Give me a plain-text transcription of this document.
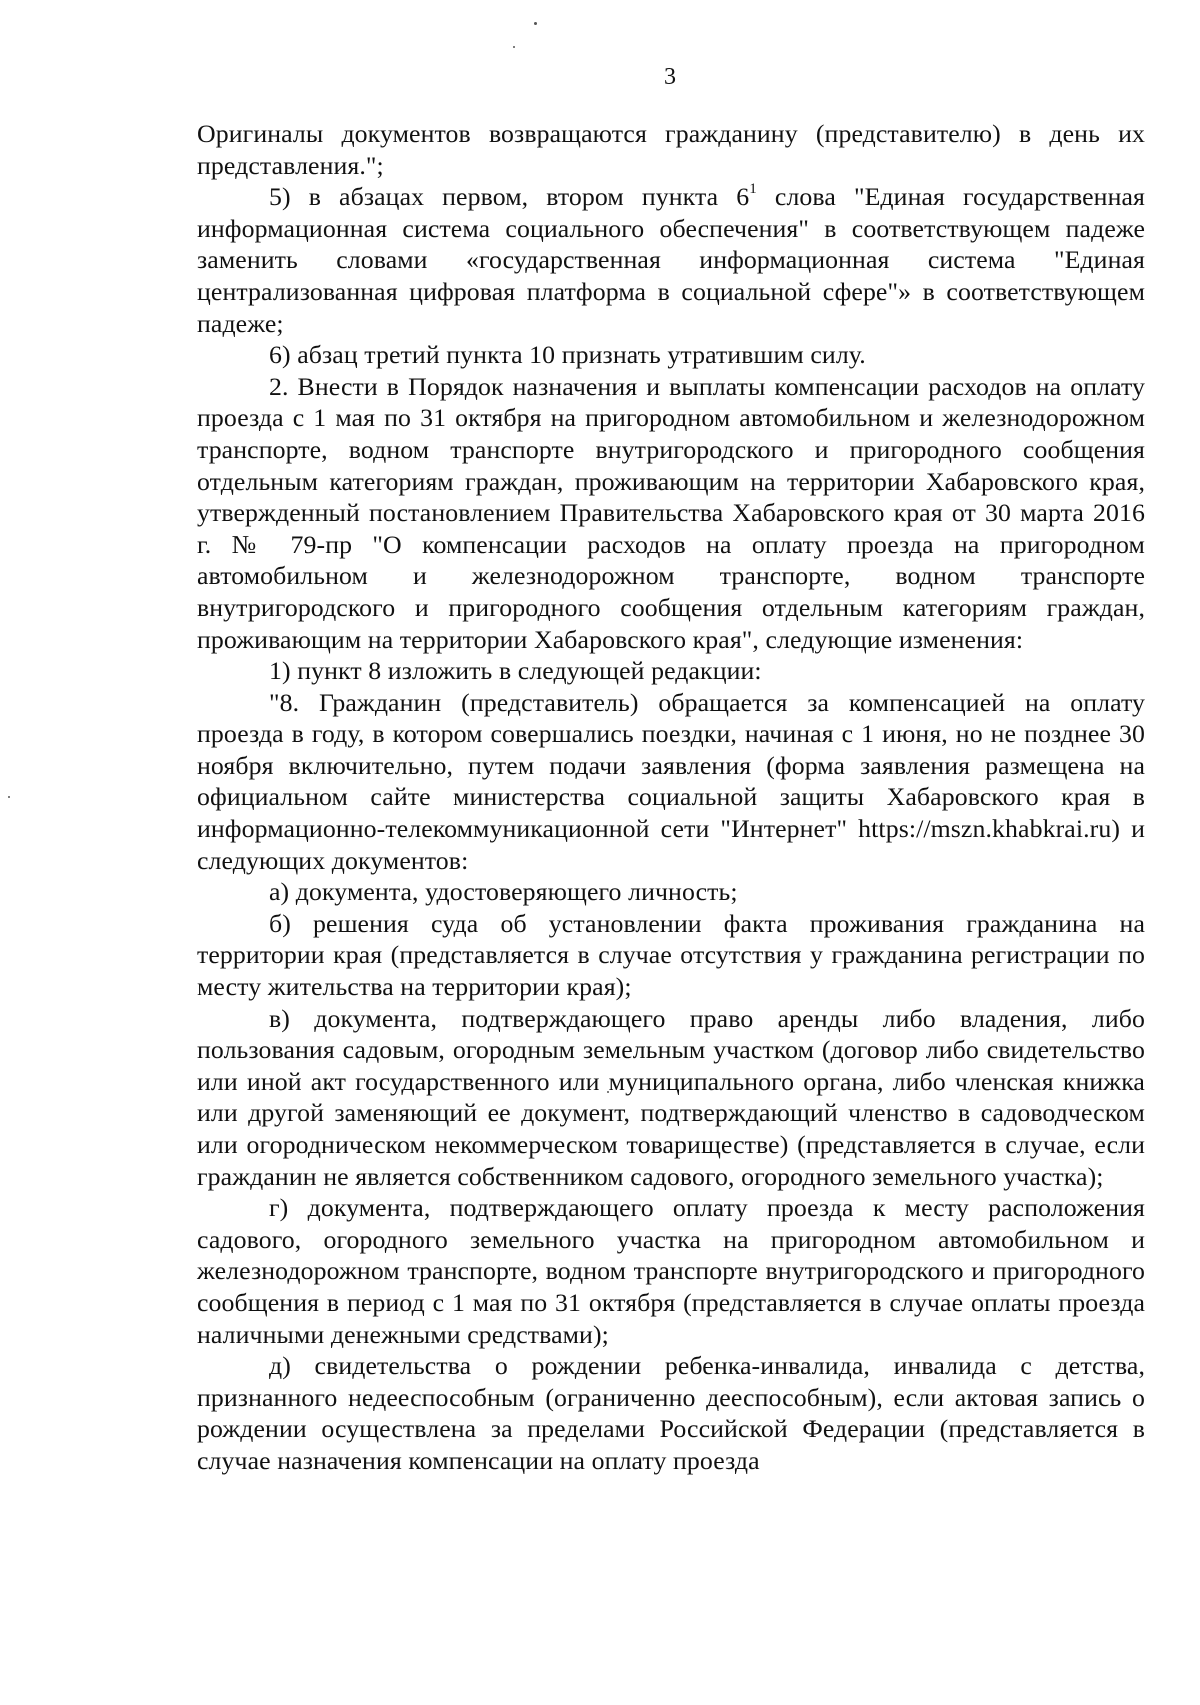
3

Оригиналы документов возвращаются гражданину (представителю) в день их представления.";

5) в абзацах первом, втором пункта $6^1$ слова "Единая государственная информационная система социального обеспечения" в соответствующем падеже заменить словами «государственная информационная система "Единая централизованная цифровая платформа в социальной сфере"» в соответствующем падеже;

6) абзац третий пункта 10 признать утратившим силу.

2. Внести в Порядок назначения и выплаты компенсации расходов на оплату проезда с 1 мая по 31 октября на пригородном автомобильном и железнодорожном транспорте, водном транспорте внутригородского и пригородного сообщения отдельным категориям граждан, проживающим на территории Хабаровского края, утвержденный постановлением Правительства Хабаровского края от 30 марта 2016 г. № 79-пр "О компенсации расходов на оплату проезда на пригородном автомобильном и железнодорожном транспорте, водном транспорте внутригородского и пригородного сообщения отдельным категориям граждан, проживающим на территории Хабаровского края", следующие изменения:

1) пункт 8 изложить в следующей редакции:

"8. Гражданин (представитель) обращается за компенсацией на оплату проезда в году, в котором совершались поездки, начиная с 1 июня, но не позднее 30 ноября включительно, путем подачи заявления (форма заявления размещена на официальном сайте министерства социальной защиты Хабаровского края в информационно-телекоммуникационной сети "Интернет" https://mszn.khabkrai.ru) и следующих документов:

а) документа, удостоверяющего личность;

б) решения суда об установлении факта проживания гражданина на территории края (представляется в случае отсутствия у гражданина регистрации по месту жительства на территории края);

в) документа, подтверждающего право аренды либо владения, либо пользования садовым, огородным земельным участком (договор либо свидетельство или иной акт государственного или муниципального органа, либо членская книжка или другой заменяющий ее документ, подтверждающий членство в садоводческом или огородническом некоммерческом товариществе) (представляется в случае, если гражданин не является собственником садового, огородного земельного участка);

г) документа, подтверждающего оплату проезда к месту расположения садового, огородного земельного участка на пригородном автомобильном и железнодорожном транспорте, водном транспорте внутригородского и пригородного сообщения в период с 1 мая по 31 октября (представляется в случае оплаты проезда наличными денежными средствами);

д) свидетельства о рождении ребенка-инвалида, инвалида с детства, признанного недееспособным (ограниченно дееспособным), если актовая запись о рождении осуществлена за пределами Российской Федерации (представляется в случае назначения компенсации на оплату проезда
